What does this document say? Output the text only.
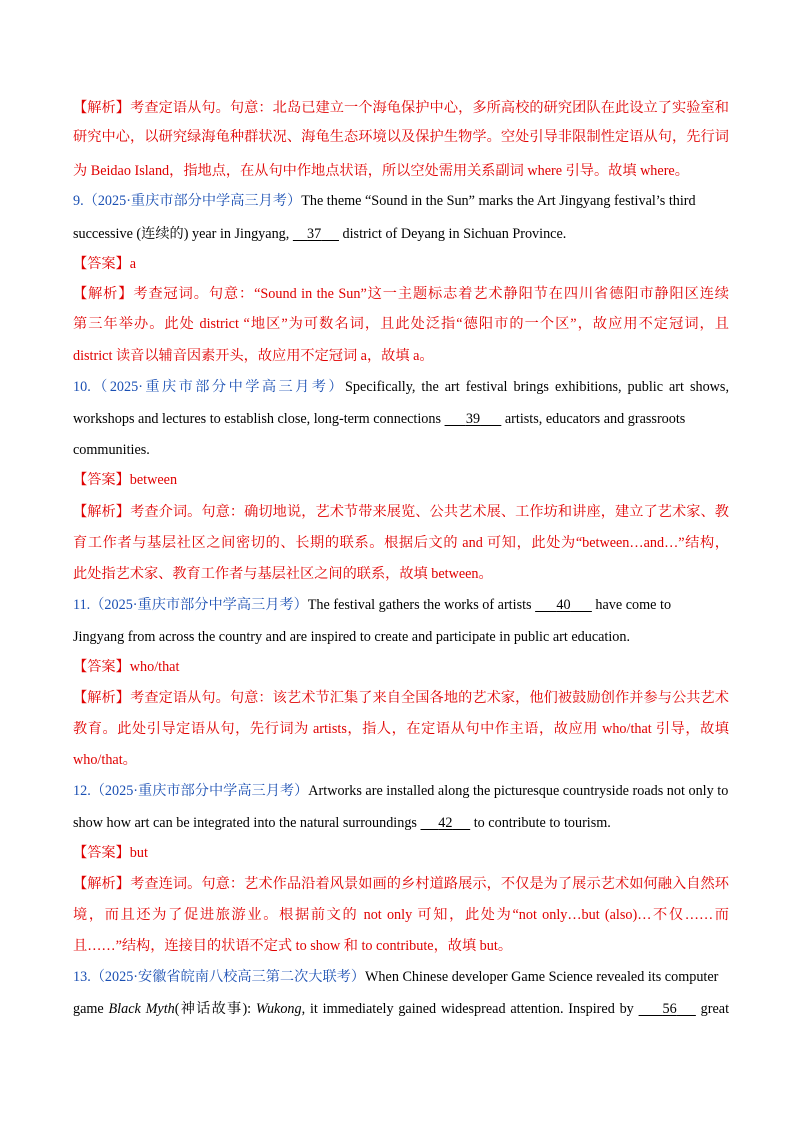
【解析】考查定语从句。句意：北岛已建立一个海龟保护中心，多所高校的研究团队在此设立了实验室和
研究中心，以研究绿海龟种群状况、海龟生态环境以及保护生物学。空处引导非限制性定语从句，先行词
为 Beidao Island，指地点，在从句中作地点状语，所以空处需用关系副词 where 引导。故填 where。
9.（2025·重庆市部分中学高三月考）The theme “Sound in the Sun” marks the Art Jingyang festival’s third
successive (连续的) year in Jingyang,     37      district of Deyang in Sichuan Province.
【答案】a
【解析】考查冠词。句意：“Sound in the Sun”这一主题标志着艺术静阳节在四川省德阳市静阳区连续
第三年举办。此处 district “地区”为可数名词，且此处泛指“德阳市的一个区”，故应用不定冠词，且
district 读音以辅音因素开头，故应用不定冠词 a，故填 a。
10.（2025·重庆市部分中学高三月考）Specifically, the art festival brings exhibitions, public art shows,
workshops and lectures to establish close, long-term connections       39       artists, educators and grassroots
communities.
【答案】between
【解析】考查介词。句意：确切地说，艺术节带来展览、公共艺术展、工作坊和讲座，建立了艺术家、教
育工作者与基层社区之间密切的、长期的联系。根据后文的 and 可知，此处为“between…and…”结构，
此处指艺术家、教育工作者与基层社区之间的联系，故填 between。
11.（2025·重庆市部分中学高三月考）The festival gathers the works of artists       40       have come to
Jingyang from across the country and are inspired to create and participate in public art education.
【答案】who/that
【解析】考查定语从句。句意：该艺术节汇集了来自全国各地的艺术家，他们被鼓励创作并参与公共艺术
教育。此处引导定语从句，先行词为 artists，指人，在定语从句中作主语，故应用 who/that 引导，故填
who/that。
12.（2025·重庆市部分中学高三月考）Artworks are installed along the picturesque countryside roads not only to
show how art can be integrated into the natural surroundings      42      to contribute to tourism.
【答案】but
【解析】考查连词。句意：艺术作品沿着风景如画的乡村道路展示，不仅是为了展示艺术如何融入自然环
境，而且还为了促进旅游业。根据前文的 not only 可知，此处为“not only…but (also)…不仅……而
且……”结构，连接目的状语不定式 to show 和 to contribute，故填 but。
13.（2025·安徽省皖南八校高三第二次大联考）When Chinese developer Game Science revealed its computer
game Black Myth(神话故事): Wukong, it immediately gained widespread attention. Inspired by      56     great
